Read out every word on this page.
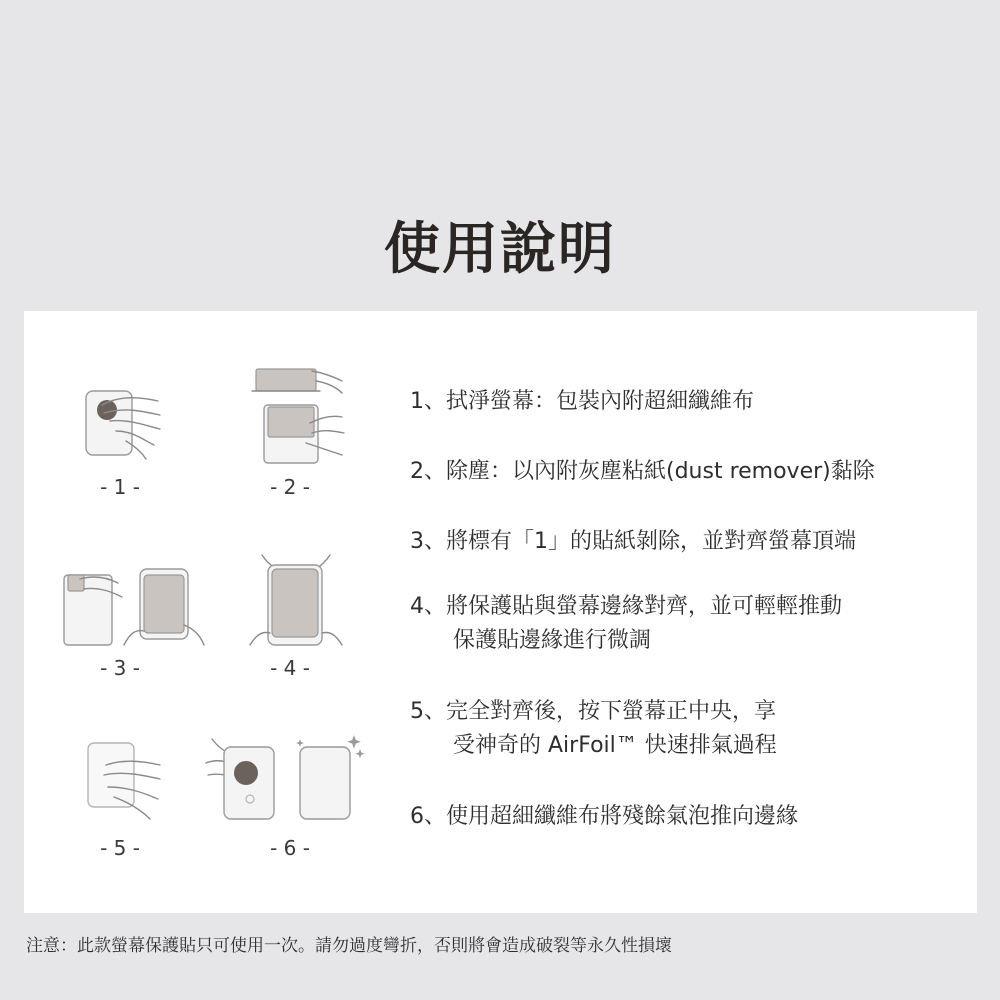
使用說明
- 1 -	- 2 -
- 3 -	- 4 -
- 5 -	- 6 -
1、拭淨螢幕：包裝內附超細纖維布
2、除塵：以內附灰塵粘紙(dust remover)黏除
3、將標有「1」的貼紙剝除，並對齊螢幕頂端
4、將保護貼與螢幕邊緣對齊，並可輕輕推動
保護貼邊緣進行微調
5、完全對齊後，按下螢幕正中央，享
受神奇的 AirFoil™ 快速排氣過程
6、使用超細纖維布將殘餘氣泡推向邊緣
注意：此款螢幕保護貼只可使用一次。請勿過度彎折，否則將會造成破裂等永久性損壞
